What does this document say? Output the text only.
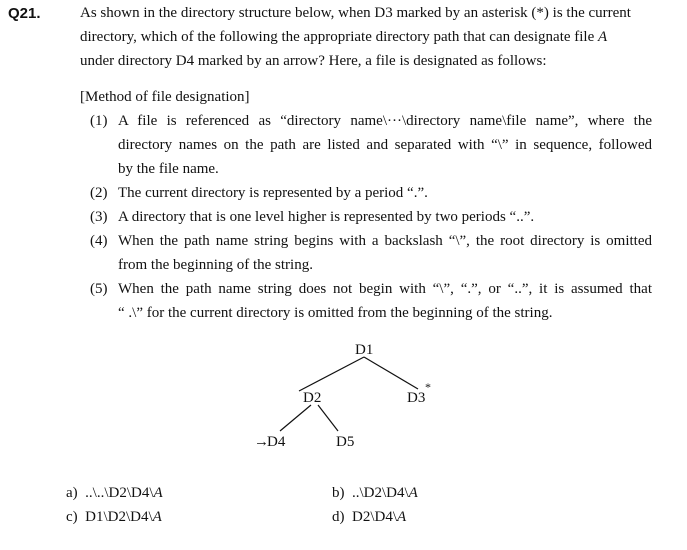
Q21.	As shown in the directory structure below, when D3 marked by an asterisk (*) is the current
directory, which of the following the appropriate directory path that can designate file A
under directory D4 marked by an arrow? Here, a file is designated as follows:
[Method of file designation]
(1) A file is referenced as “directory name\···\directory name\file name”, where the
directory names on the path are listed and separated with “\” in sequence, followed
by the file name.
(2) The current directory is represented by a period “.”.
(3) A directory that is one level higher is represented by two periods “..”.
(4) When the path name string begins with a backslash “\”, the root directory is omitted
from the beginning of the string.
(5) When the path name string does not begin with “\”, “.”, or “..”, it is assumed that
“ .\” for the current directory is omitted from the beginning of the string.
D1
D2	D3
*
→
D4	D5
a) ..\..\D2\D4\A	b) ..\D2\D4\A
c) D1\D2\D4\A	d) D2\D4\A
